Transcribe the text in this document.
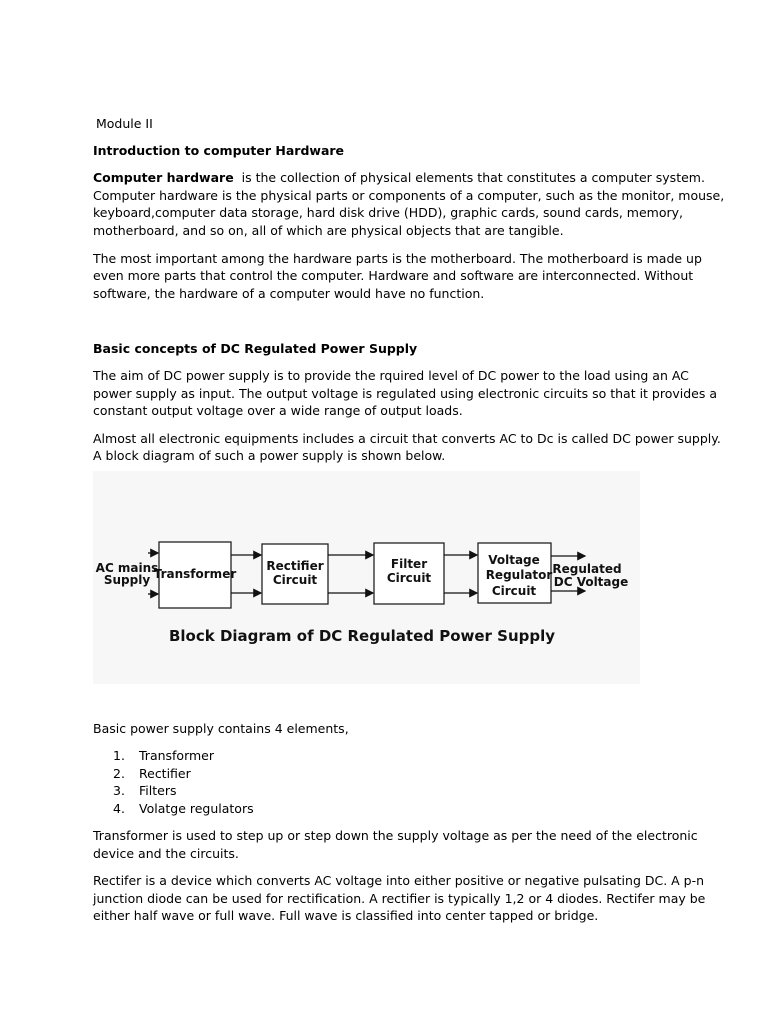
Module II
Introduction to computer Hardware
Computer hardware  is the collection of physical elements that constitutes a computer system.
Computer hardware is the physical parts or components of a computer, such as the monitor, mouse,
keyboard,computer data storage, hard disk drive (HDD), graphic cards, sound cards, memory,
motherboard, and so on, all of which are physical objects that are tangible.
The most important among the hardware parts is the motherboard. The motherboard is made up
even more parts that control the computer. Hardware and software are interconnected. Without
software, the hardware of a computer would have no function.
Basic concepts of DC Regulated Power Supply
The aim of DC power supply is to provide the rquired level of DC power to the load using an AC
power supply as input. The output voltage is regulated using electronic circuits so that it provides a
constant output voltage over a wide range of output loads.
Almost all electronic equipments includes a circuit that converts AC to Dc is called DC power supply.
A block diagram of such a power supply is shown below.
AC mains
Supply Transformer
Rectifier
Circuit
Filter
Circuit
Voltage
Regulator
Circuit
Regulated
DC Voltage
Block Diagram of DC Regulated Power Supply
Basic power supply contains 4 elements,
1. Transformer
2. Rectifier
3. Filters
4. Volatge regulators
Transformer is used to step up or step down the supply voltage as per the need of the electronic
device and the circuits.
Rectifer is a device which converts AC voltage into either positive or negative pulsating DC. A p-n
junction diode can be used for rectification. A rectifier is typically 1,2 or 4 diodes. Rectifer may be
either half wave or full wave. Full wave is classified into center tapped or bridge.
